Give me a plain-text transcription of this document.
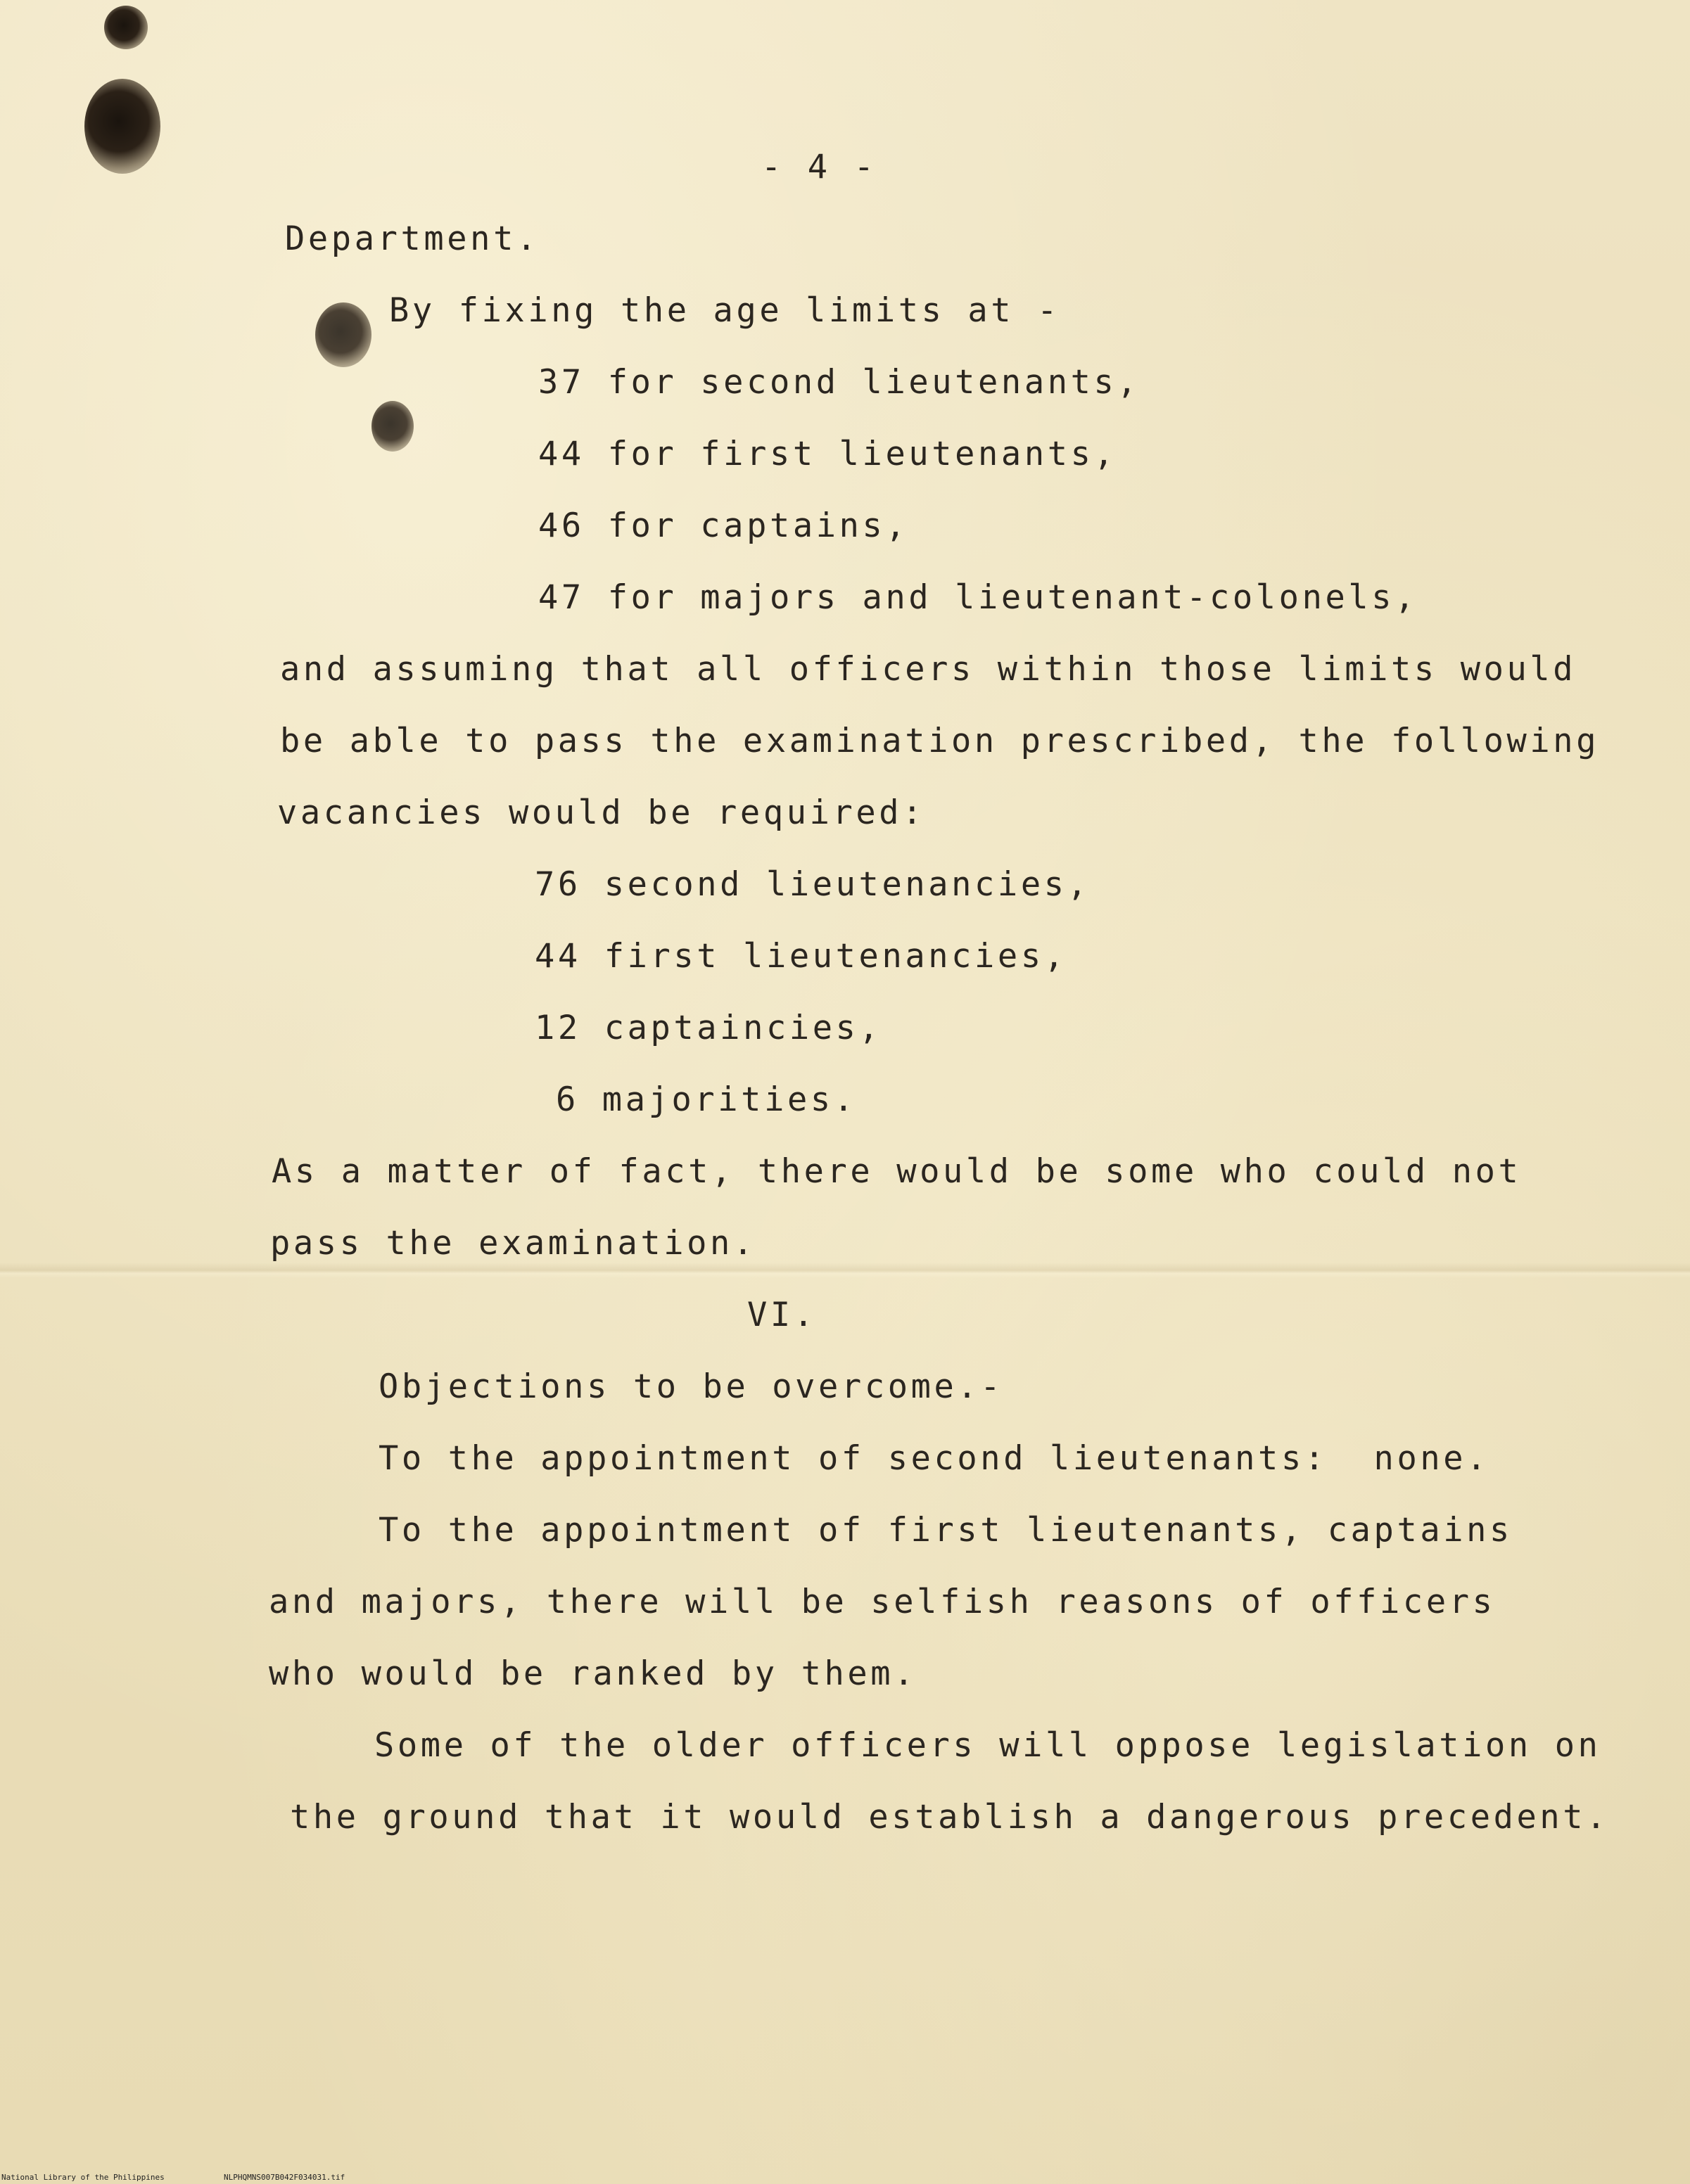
- 4 -
Department.
By fixing the age limits at -
37 for second lieutenants,
44 for first lieutenants,
46 for captains,
47 for majors and lieutenant-colonels,
and assuming that all officers within those limits would
be able to pass the examination prescribed, the following
vacancies would be required:
76 second lieutenancies,
44 first lieutenancies,
12 captaincies,
6 majorities.
As a matter of fact, there would be some who could not
pass the examination.
VI.
Objections to be overcome.-
To the appointment of second lieutenants:  none.
To the appointment of first lieutenants, captains
and majors, there will be selfish reasons of officers
who would be ranked by them.
Some of the older officers will oppose legislation on
the ground that it would establish a dangerous precedent.
National Library of the Philippines	NLPHQMNS007B042F034031.tif
